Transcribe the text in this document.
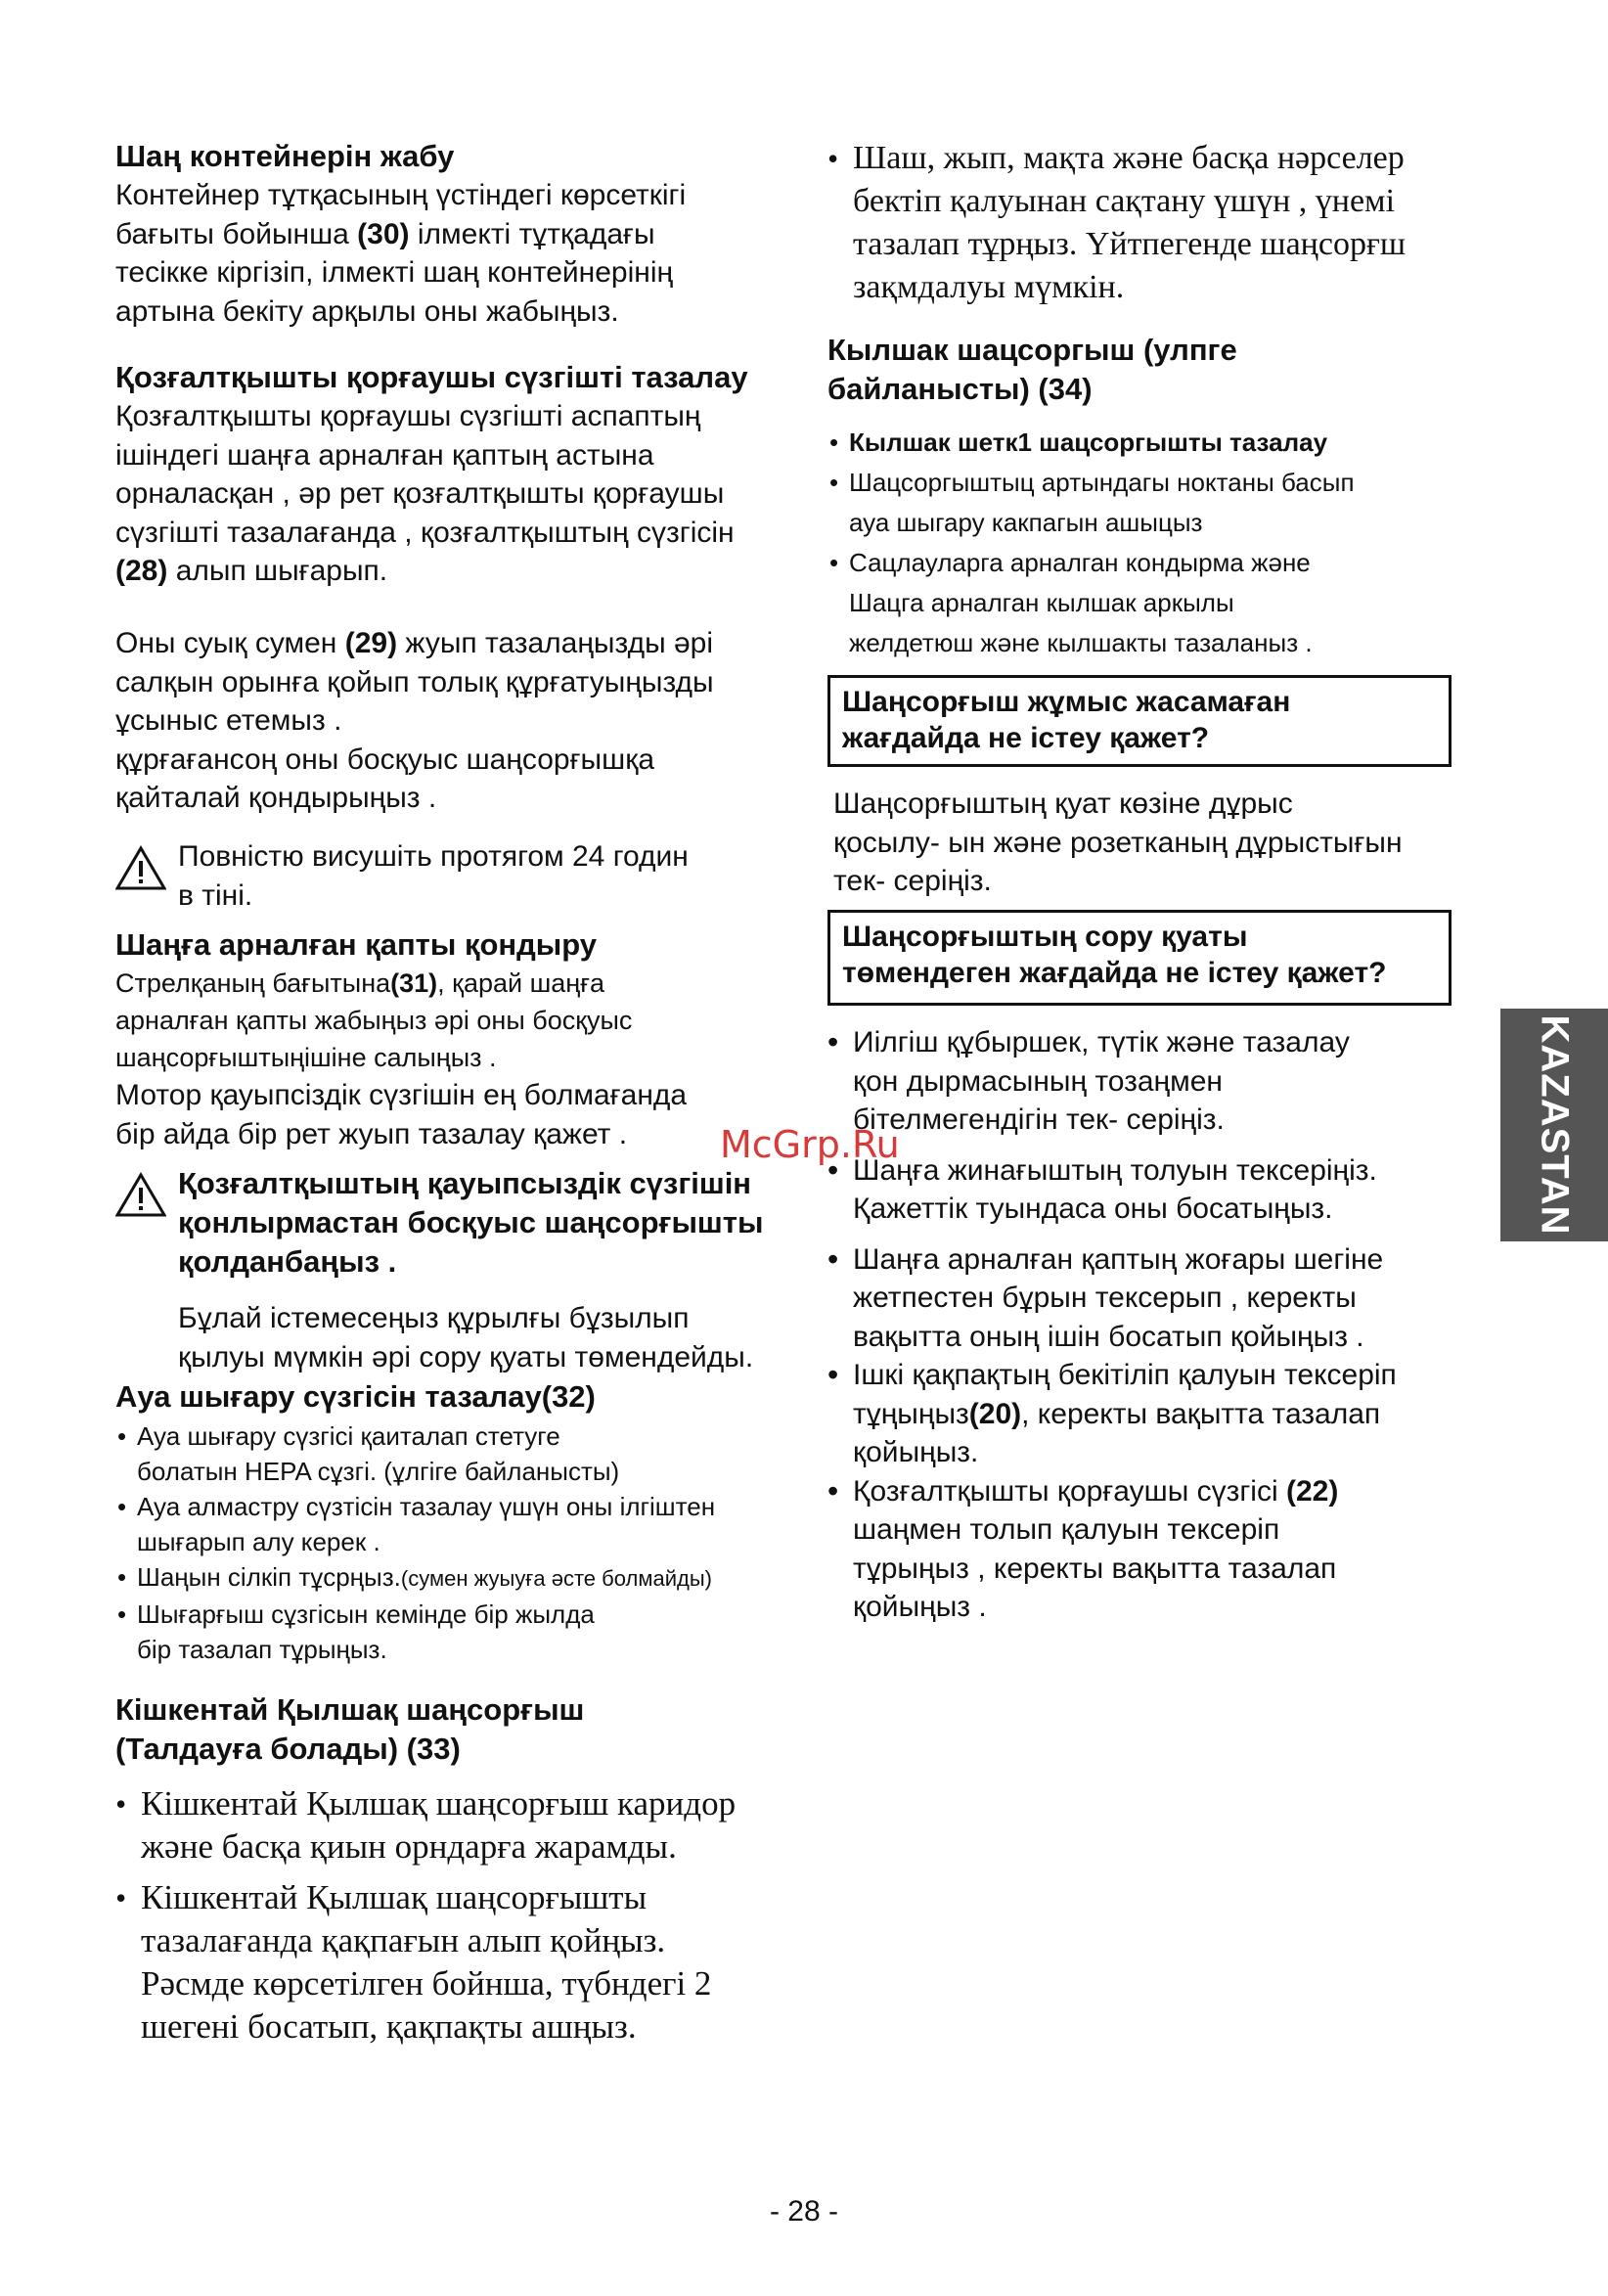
Шаң контейнерін жабу

Контейнер тұтқасының үстіндегі көрсеткігі
бағыты бойынша (30) ілмекті тұтқадағы
тесікке кіргізіп, ілмекті шаң контейнерінің
артына бекіту арқылы оны жабыңыз.

Қозғалтқышты қорғаушы сүзгішті тазалау

Қозғалтқышты қорғаушы сүзгішті аспаптың
ішіндегі шаңға арналған қаптың астына
орналасқан , әр рет қозғалтқышты қорғаушы
сүзгішті тазалағанда , қозғалтқыштың сүзгісін
(28) алып шығарып.

Оны суық сумен (29) жуып тазалаңызды әрі
салқын орынға қойып толық құрғатуыңызды
ұсыныс етемыз .
құрғағансоң оны босқуыс шаңсорғышқа
қайталай қондырыңыз .

Повністю висушіть протягом 24 годин
в тіні.

Шаңға арналған қапты қондыру

Стрелқаның бағытына(31), қарай шаңға
арналған қапты жабыңыз әрі оны босқуыс
шаңсорғыштыңішіне салыңыз .

Мотор қауыпсіздік сүзгішін ең болмағанда
бір айда бір рет жуып тазалау қажет .

Қозғалтқыштың қауыпсыздік сүзгішін
қонлырмастан босқуыс шаңсорғышты
қолданбаңыз .

Бұлай істемесеңыз құрылғы бұзылып
қылуы мүмкін әрі сору қуаты төмендейды.

Ауа шығару сүзгісін тазалау(32)

• Ауа шығару сүзгісі қаиталап стетуге
болатын HEPA сұзгі. (ұлгіге байланысты)
• Ауа алмастру сүзтісін тазалау үшүн оны ілгіштен
шығарып алу керек .
• Шаңын сілкіп тұсрңыз.(сумен жуыуға әсте болмайды)
• Шығарғыш сұзгісын кемінде бір жылда
бір тазалап тұрыңыз.

Кішкентай Қылшақ шаңсорғыш
(Талдауға болады) (33)

• Кішкентай Қылшақ шаңсорғыш каридор
және басқа қиын орндарға жарамды.
• Кішкентай Қылшақ шаңсорғышты
тазалағанда қақпағын алып қойңыз.
Рәсмде көрсетілген бойнша, түбндегі 2
шегені босатып, қақпақты ашңыз.
• Шаш, жып, мақта және басқа нәрселер
бектіп қалуынан сақтану үшүн , үнемі
тазалап тұрңыз. Үйтпегенде шаңсорғш
зақмдалуы мүмкін.

Кылшак шацсоргыш (улпге
байланысты) (34)

• Кылшак шетк1 шацсоргышты тазалау
• Шацсоргыштыц артындагы ноктаны басып
ауа шыгару какпагын ашыцыз
• Сацлауларга арналган кондырма және
Шацга арналган кылшак аркылы
желдетюш және кылшакты тазаланыз .
Шаңсорғыш жұмыс жасамаған
жағдайда не істеу қажет?

Шаңсорғыштың қуат көзіне дұрыс
қосылу- ын және розетканың дұрыстығын
тек- серіңіз.

Шаңсорғыштың сору қуаты
төмендеген жағдайда не істеу қажет?
• Иілгіш құбыршек, түтік және тазалау
қон дырмасының тозаңмен
бітелмегендігін тек- серіңіз.
• Шаңға жинағыштың толуын тексеріңіз.
Қажеттік туындаса оны босатыңыз.
• Шаңға арналған қаптың жоғары шегіне
жетпестен бұрын тексерып , керекты
вақытта оның ішін босатып қойыңыз .
• Ішкі қақпақтың бекітіліп қалуын тексеріп
тұңыңыз(20), керекты вақытта тазалап
қойыңыз.
• Қозғалтқышты қорғаушы сүзгісі (22)
шаңмен толып қалуын тексеріп
тұрыңыз , керекты вақытта тазалап
қойыңыз .
McGrp.Ru	KAZASTAN
- 28 -
